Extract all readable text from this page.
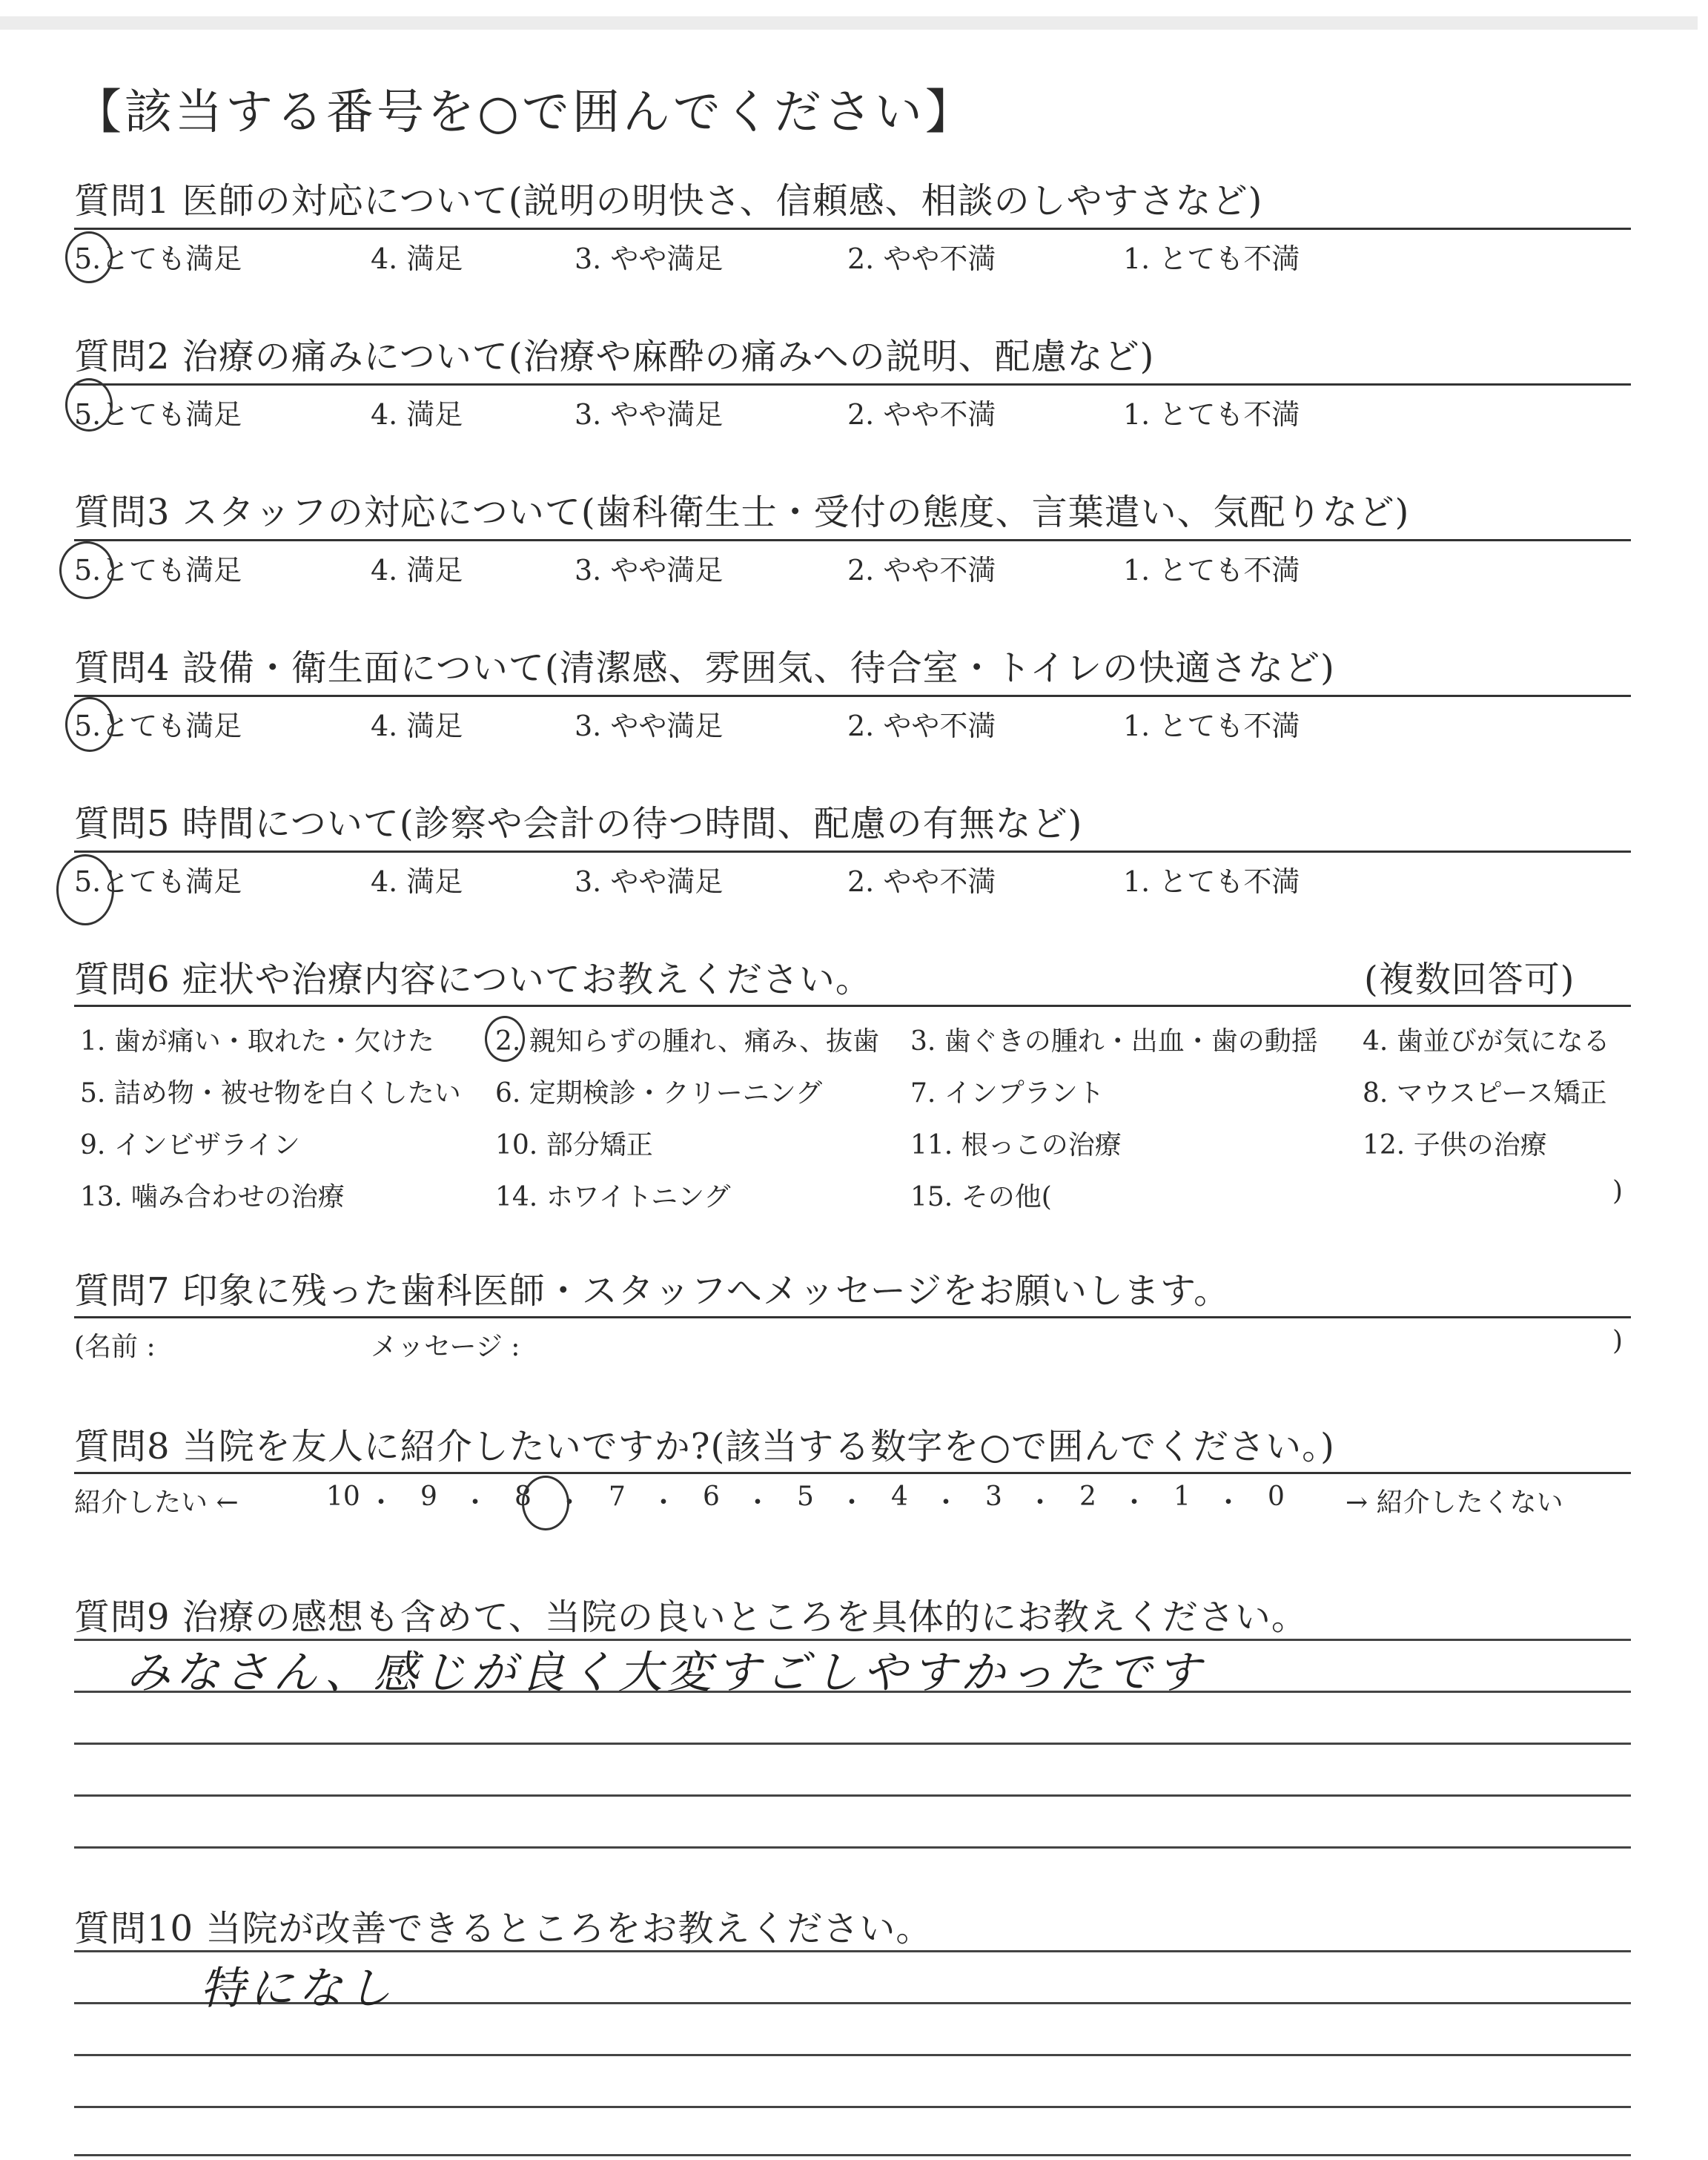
【該当する番号を○で囲んでください】
質問1 医師の対応について(説明の明快さ、信頼感、相談のしやすさなど)
5.とても満足	4. 満足	3. やや満足	2. やや不満	1. とても不満
質問2 治療の痛みについて(治療や麻酔の痛みへの説明、配慮など)
5.とても満足	4. 満足	3. やや満足	2. やや不満	1. とても不満
質問3 スタッフの対応について(歯科衛生士・受付の態度、言葉遣い、気配りなど)
5.とても満足	4. 満足	3. やや満足	2. やや不満	1. とても不満
質問4 設備・衛生面について(清潔感、雰囲気、待合室・トイレの快適さなど)
5.とても満足	4. 満足	3. やや満足	2. やや不満	1. とても不満
質問5 時間について(診察や会計の待つ時間、配慮の有無など)
5.とても満足	4. 満足	3. やや満足	2. やや不満	1. とても不満
質問6 症状や治療内容についてお教えください。	(複数回答可)
1. 歯が痛い・取れた・欠けた 2. 親知らずの腫れ、痛み、抜歯 3. 歯ぐきの腫れ・出血・歯の動揺 4. 歯並びが気になる
5. 詰め物・被せ物を白くしたい 6. 定期検診・クリーニング	7. インプラント	8. マウスピース矯正
9. インビザライン	10. 部分矯正	11. 根っこの治療	12. 子供の治療
13. 噛み合わせの治療	14. ホワイトニング	15. その他(	)
質問7 印象に残った歯科医師・スタッフへメッセージをお願いします。
(名前 :	メッセージ :	)
質問8 当院を友人に紹介したいですか?(該当する数字を○で囲んでください。)
紹介したい ←	10 ・ 9 ・ 8 ・ 7 ・ 6 ・ 5 ・ 4 ・ 3 ・ 2 ・ 1 ・ 0 → 紹介したくない
質問9 治療の感想も含めて、当院の良いところを具体的にお教えください。
みなさん、感じが良く大変すごしやすかったです
質問10 当院が改善できるところをお教えください。
特になし
